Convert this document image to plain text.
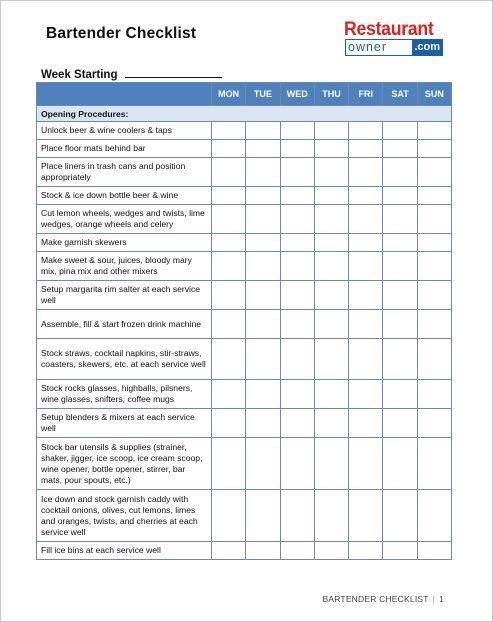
Bartender Checklist	Restaurant
owner .com
Week Starting
	MON	TUE	WED	THU	FRI	SAT	SUN
Opening Procedures:							
Unlock beer & wine coolers & taps							
Place floor mats behind bar							
Place liners in trash cans and position appropriately							
Stock & ice down bottle beer & wine							
Cut lemon wheels, wedges and twists, lime wedges, orange wheels and celery							
Make garnish skewers							
Make sweet & sour, juices, bloody mary mix, pina mix and other mixers							
Setup margarita rim salter at each service well							
Assemble, fill & start frozen drink machine							
Stock straws, cocktail napkins, stir-straws, coasters, skewers, etc. at each service well							
Stock rocks glasses, highballs, pilsners, wine glasses, snifters, coffee mugs							
Setup blenders & mixers at each service well							
Stock bar utensils & supplies (strainer, shaker, jigger, ice scoop, ice cream scoop, wine opener, bottle opener, stirrer, bar mats, pour spouts, etc.)							
Ice down and stock garnish caddy with cocktail onions, olives, cut lemons, limes and oranges, twists, and cherries at each service well							
Fill ice bins at each service well							
BARTENDER CHECKLIST | 1
